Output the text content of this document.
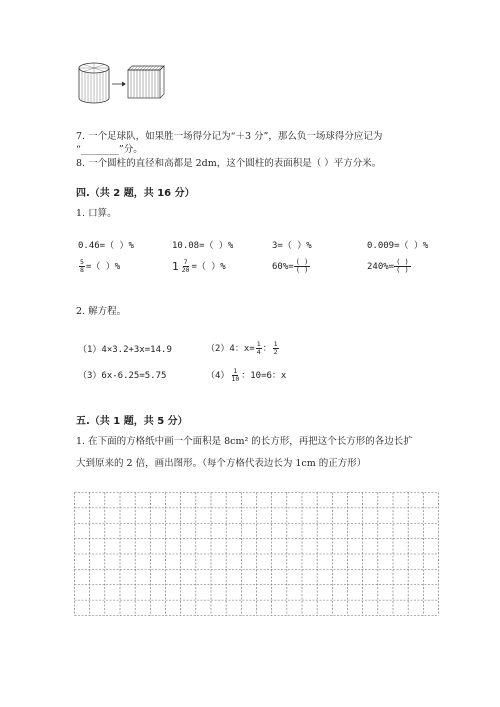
7. 一个足球队，如果胜一场得分记为“＋3 分”，那么负一场球得分应记为
“________”分。
8. 一个圆柱的直径和高都是 2dm，这个圆柱的表面积是（ ）平方分米。
四.（共 2 题，共 16 分）
1. 口算。
0.46=（ ）%	10.08=（ ）%	3=（ ）%	0.009=（ ）%
$\frac{5}{8}$ =（ ）%	$1 \frac{7}{20}$ =（ ）%	$60\%= \frac{( )}{( )}$	$240\%= \frac{( )}{( )}$
2. 解方程。
（1）4×3.2+3x=14.9	（2）4：$x= \frac{1}{4}$ ： $\frac{1}{2}$
（3）6x-6.25=5.75	$(4) \frac{1}{10}$ ：10=6：x
五.（共 1 题，共 5 分）
1. 在下面的方格纸中画一个面积是 8cm² 的长方形，再把这个长方形的各边长扩
大到原来的 2 倍，画出图形。（每个方格代表边长为 1cm 的正方形）
